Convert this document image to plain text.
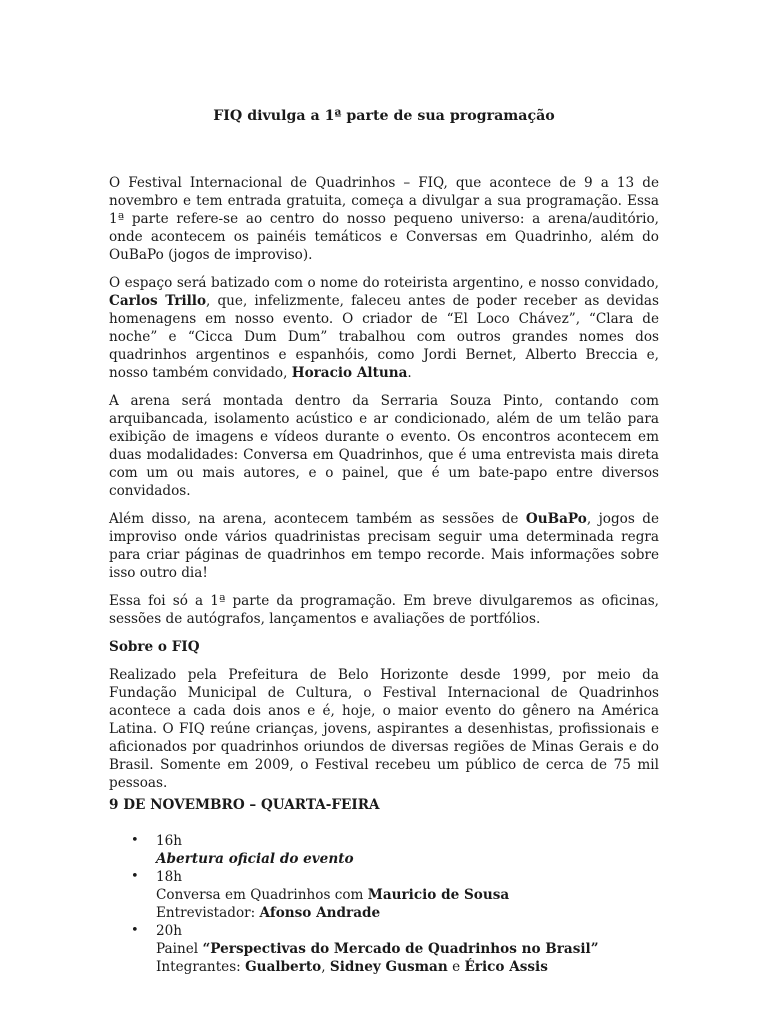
FIQ divulga a 1ª parte de sua programação

O Festival Internacional de Quadrinhos – FIQ, que acontece de 9 a 13 de novembro e tem entrada gratuita, começa a divulgar a sua programação. Essa 1ª parte refere-se ao centro do nosso pequeno universo: a arena/auditório, onde acontecem os painéis temáticos e Conversas em Quadrinho, além do OuBaPo (jogos de improviso).

O espaço será batizado com o nome do roteirista argentino, e nosso convidado, Carlos Trillo, que, infelizmente, faleceu antes de poder receber as devidas homenagens em nosso evento. O criador de “El Loco Chávez”, “Clara de noche” e “Cicca Dum Dum” trabalhou com outros grandes nomes dos quadrinhos argentinos e espanhóis, como Jordi Bernet, Alberto Breccia e, nosso também convidado, Horacio Altuna.

A arena será montada dentro da Serraria Souza Pinto, contando com arquibancada, isolamento acústico e ar condicionado, além de um telão para exibição de imagens e vídeos durante o evento. Os encontros acontecem em duas modalidades: Conversa em Quadrinhos, que é uma entrevista mais direta com um ou mais autores, e o painel, que é um bate-papo entre diversos convidados.

Além disso, na arena, acontecem também as sessões de OuBaPo, jogos de improviso onde vários quadrinistas precisam seguir uma determinada regra para criar páginas de quadrinhos em tempo recorde. Mais informações sobre isso outro dia!

Essa foi só a 1ª parte da programação. Em breve divulgaremos as oficinas, sessões de autógrafos, lançamentos e avaliações de portfólios.

Sobre o FIQ

Realizado pela Prefeitura de Belo Horizonte desde 1999, por meio da Fundação Municipal de Cultura, o Festival Internacional de Quadrinhos acontece a cada dois anos e é, hoje, o maior evento do gênero na América Latina. O FIQ reúne crianças, jovens, aspirantes a desenhistas, profissionais e aficionados por quadrinhos oriundos de diversas regiões de Minas Gerais e do Brasil. Somente em 2009, o Festival recebeu um público de cerca de 75 mil pessoas.

9 DE NOVEMBRO – QUARTA-FEIRA

• 16h
Abertura oficial do evento
• 18h
Conversa em Quadrinhos com Mauricio de Sousa
Entrevistador: Afonso Andrade
• 20h
Painel “Perspectivas do Mercado de Quadrinhos no Brasil”
Integrantes: Gualberto, Sidney Gusman e Érico Assis
